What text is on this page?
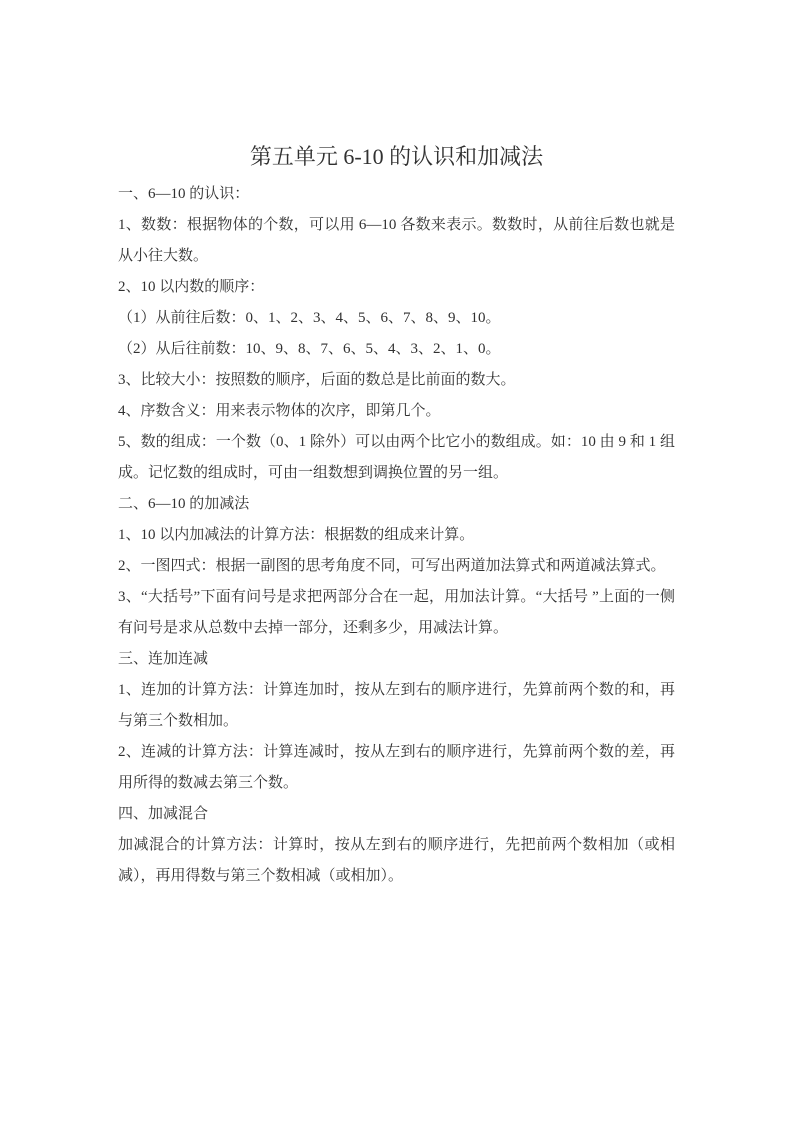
第五单元 6-10 的认识和加减法

一、6—10 的认识：

1、数数：根据物体的个数，可以用 6—10 各数来表示。数数时，从前往后数也就是从小往大数。

2、10 以内数的顺序：

（1）从前往后数：0、1、2、3、4、5、6、7、8、9、10。

（2）从后往前数：10、9、8、7、6、5、4、3、2、1、0。

3、比较大小：按照数的顺序，后面的数总是比前面的数大。

4、序数含义：用来表示物体的次序，即第几个。

5、数的组成：一个数（0、1 除外）可以由两个比它小的数组成。如：10 由 9 和 1 组成。记忆数的组成时，可由一组数想到调换位置的另一组。

二、6—10 的加减法

1、10 以内加减法的计算方法：根据数的组成来计算。

2、一图四式：根据一副图的思考角度不同，可写出两道加法算式和两道减法算式。

3、“大括号”下面有问号是求把两部分合在一起，用加法计算。“大括号 ”上面的一侧有问号是求从总数中去掉一部分，还剩多少，用减法计算。

三、连加连减

1、连加的计算方法：计算连加时，按从左到右的顺序进行，先算前两个数的和，再与第三个数相加。

2、连减的计算方法：计算连减时，按从左到右的顺序进行，先算前两个数的差，再用所得的数减去第三个数。

四、加减混合

加减混合的计算方法：计算时，按从左到右的顺序进行，先把前两个数相加（或相减），再用得数与第三个数相减（或相加）。
